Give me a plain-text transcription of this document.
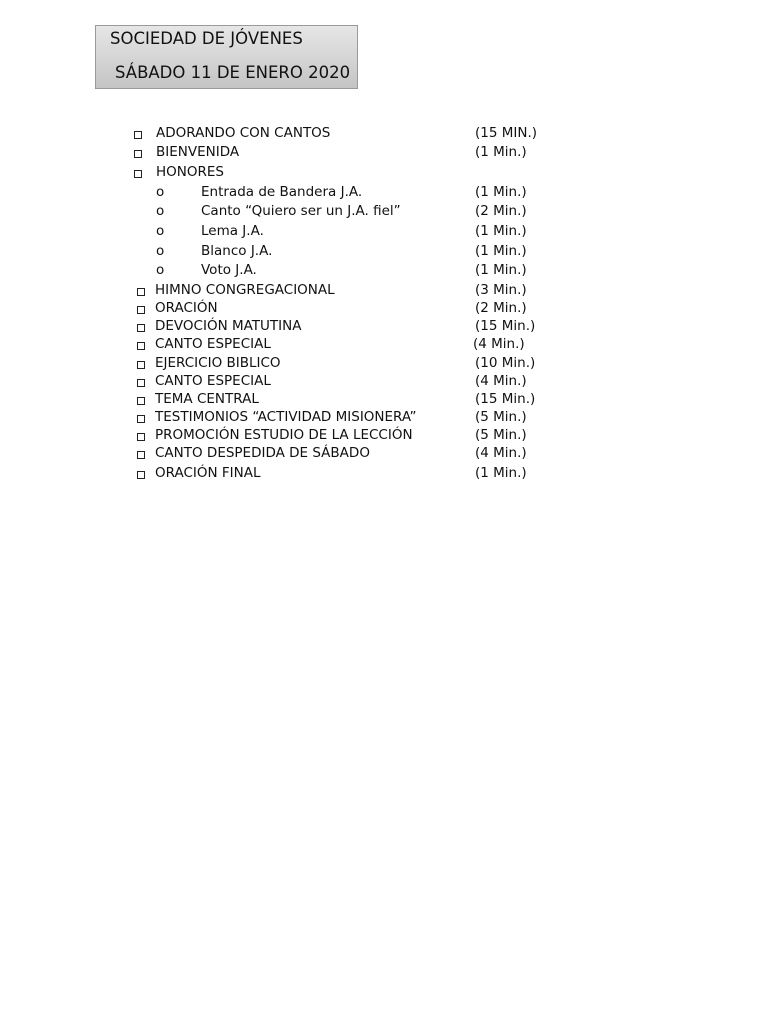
SOCIEDAD DE JÓVENES
SÁBADO 11 DE ENERO 2020
ADORANDO CON CANTOS	(15 MIN.)
BIENVENIDA	(1 Min.)
HONORES
o	Entrada de Bandera J.A.	(1 Min.)
o	Canto “Quiero ser un J.A. fiel”	(2 Min.)
o	Lema J.A.	(1 Min.)
o	Blanco J.A.	(1 Min.)
o	Voto J.A.	(1 Min.)
HIMNO CONGREGACIONAL	(3 Min.)
ORACIÓN	(2 Min.)
DEVOCIÓN MATUTINA	(15 Min.)
CANTO ESPECIAL	(4 Min.)
EJERCICIO BIBLICO	(10 Min.)
CANTO ESPECIAL	(4 Min.)
TEMA CENTRAL	(15 Min.)
TESTIMONIOS “ACTIVIDAD MISIONERA”	(5 Min.)
PROMOCIÓN ESTUDIO DE LA LECCIÓN	(5 Min.)
CANTO DESPEDIDA DE SÁBADO	(4 Min.)
ORACIÓN FINAL	(1 Min.)
